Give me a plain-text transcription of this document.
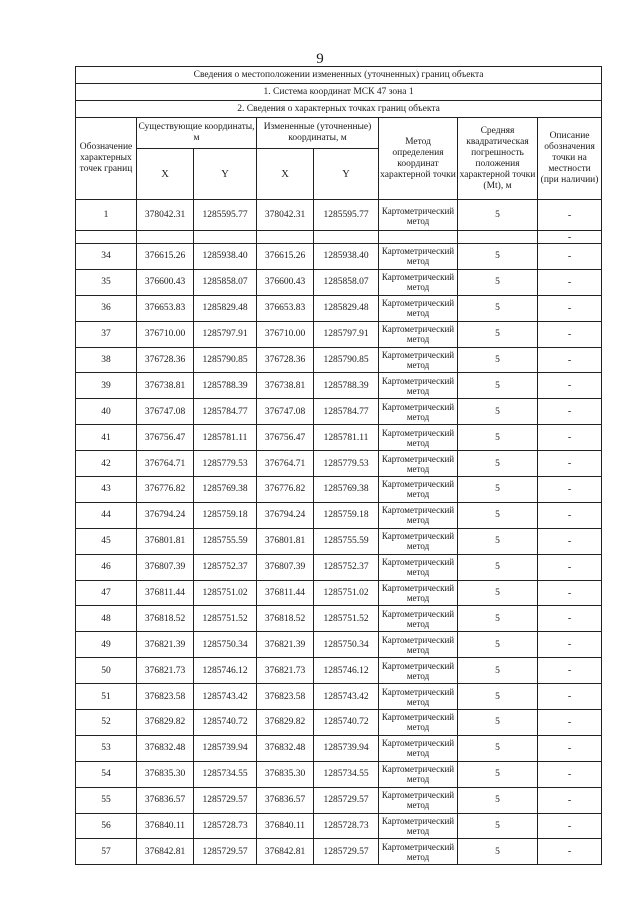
9
Сведения о местоположении измененных (уточненных) границ объекта							
1. Система координат МСК 47 зона 1							
2. Сведения о характерных точках границ объекта							
Обозначение характерных точек границ	Существующие координаты, м		Измененные (уточненные) координаты, м		Метод определения координат характерной точки	Средняя квадратическая погрешность положения характерной точки (Mt), м	Описание обозначения точки на местности (при наличии)
	X	Y	X	Y			
1	378042.31	1285595.77	378042.31	1285595.77	Картометрический метод	5	-
							-
34	376615.26	1285938.40	376615.26	1285938.40	Картометрический метод	5	-
35	376600.43	1285858.07	376600.43	1285858.07	Картометрический метод	5	-
36	376653.83	1285829.48	376653.83	1285829.48	Картометрический метод	5	-
37	376710.00	1285797.91	376710.00	1285797.91	Картометрический метод	5	-
38	376728.36	1285790.85	376728.36	1285790.85	Картометрический метод	5	-
39	376738.81	1285788.39	376738.81	1285788.39	Картометрический метод	5	-
40	376747.08	1285784.77	376747.08	1285784.77	Картометрический метод	5	-
41	376756.47	1285781.11	376756.47	1285781.11	Картометрический метод	5	-
42	376764.71	1285779.53	376764.71	1285779.53	Картометрический метод	5	-
43	376776.82	1285769.38	376776.82	1285769.38	Картометрический метод	5	-
44	376794.24	1285759.18	376794.24	1285759.18	Картометрический метод	5	-
45	376801.81	1285755.59	376801.81	1285755.59	Картометрический метод	5	-
46	376807.39	1285752.37	376807.39	1285752.37	Картометрический метод	5	-
47	376811.44	1285751.02	376811.44	1285751.02	Картометрический метод	5	-
48	376818.52	1285751.52	376818.52	1285751.52	Картометрический метод	5	-
49	376821.39	1285750.34	376821.39	1285750.34	Картометрический метод	5	-
50	376821.73	1285746.12	376821.73	1285746.12	Картометрический метод	5	-
51	376823.58	1285743.42	376823.58	1285743.42	Картометрический метод	5	-
52	376829.82	1285740.72	376829.82	1285740.72	Картометрический метод	5	-
53	376832.48	1285739.94	376832.48	1285739.94	Картометрический метод	5	-
54	376835.30	1285734.55	376835.30	1285734.55	Картометрический метод	5	-
55	376836.57	1285729.57	376836.57	1285729.57	Картометрический метод	5	-
56	376840.11	1285728.73	376840.11	1285728.73	Картометрический метод	5	-
57	376842.81	1285729.57	376842.81	1285729.57	Картометрический метод	5	-
